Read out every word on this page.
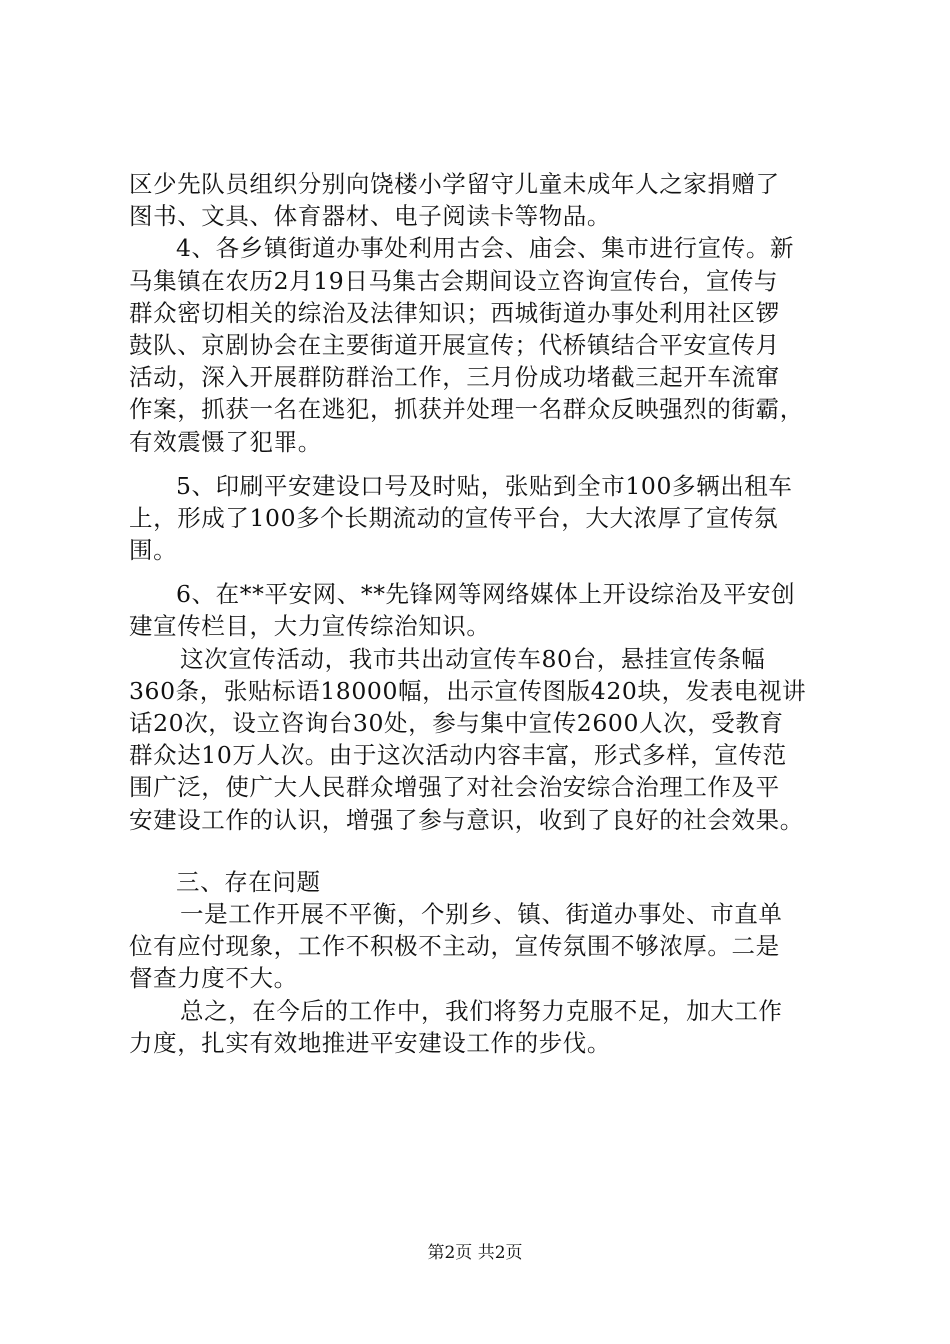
区少先队员组织分别向饶楼小学留守儿童未成年人之家捐赠了
图书、文具、体育器材、电子阅读卡等物品。
4、各乡镇街道办事处利用古会、庙会、集市进行宣传。新
马集镇在农历2月19日马集古会期间设立咨询宣传台，宣传与
群众密切相关的综治及法律知识；西城街道办事处利用社区锣
鼓队、京剧协会在主要街道开展宣传；代桥镇结合平安宣传月
活动，深入开展群防群治工作，三月份成功堵截三起开车流窜
作案，抓获一名在逃犯，抓获并处理一名群众反映强烈的街霸，
有效震慑了犯罪。
5、印刷平安建设口号及时贴，张贴到全市100多辆出租车
上，形成了100多个长期流动的宣传平台，大大浓厚了宣传氛
围。
6、在**平安网、**先锋网等网络媒体上开设综治及平安创
建宣传栏目，大力宣传综治知识。
这次宣传活动，我市共出动宣传车80台，悬挂宣传条幅
360条，张贴标语18000幅，出示宣传图版420块，发表电视讲
话20次，设立咨询台30处，参与集中宣传2600人次，受教育
群众达10万人次。由于这次活动内容丰富，形式多样，宣传范
围广泛，使广大人民群众增强了对社会治安综合治理工作及平
安建设工作的认识，增强了参与意识，收到了良好的社会效果。
三、存在问题
一是工作开展不平衡，个别乡、镇、街道办事处、市直单
位有应付现象，工作不积极不主动，宣传氛围不够浓厚。二是
督查力度不大。
总之，在今后的工作中，我们将努力克服不足，加大工作
力度，扎实有效地推进平安建设工作的步伐。
第2页 共2页
